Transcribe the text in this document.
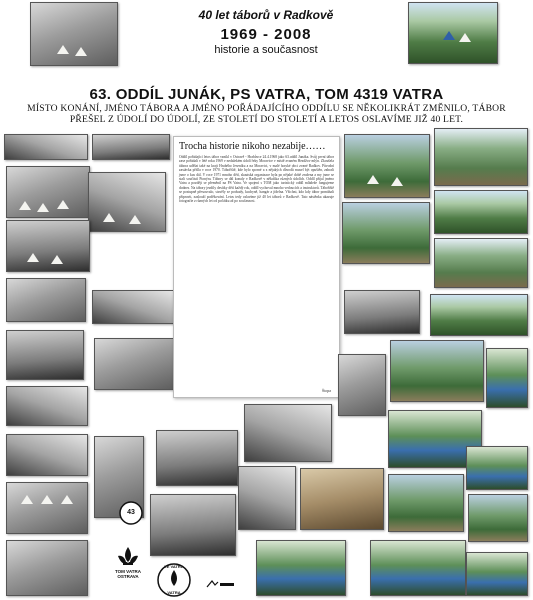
40 let táborů v Radkově
1969 - 2008
historie a současnost
63. ODDÍL JUNÁK, PS VATRA, TOM 4319 VATRA
MÍSTO KONÁNÍ, JMÉNO TÁBORA A JMÉNO POŘÁDAJÍCÍHO ODDÍLU SE NĚKOLIKRÁT ZMĚNILO, TÁBOR PŘEŠEL Z ÚDOLÍ DO ÚDOLÍ, ZE STOLETÍ DO STOLETÍ A LETOS OSLAVÍME JIŽ 40 LET.
Trocha historie nikoho nezabije……
Oddíl pořádající letos tábor vznikl v Ostravě - Hrabůvce 24.4.1968 jako 63.oddíl Junáka. Svůj první tábor zase pořádali v létě roku 1969 v nedalekém údolí řeky Moravice v místě zvaném Hezdžov mlýn. Zkoušela tábora udělat také na kraji Hrubého Jeseníku a na Moravici, v malé horské obci zvané Radkov. Původní zastávka přišla v roce 1970. Tábořiště, kde bylo sporné a z nějakých důvodů musel být opuštěn, zabrali jsme o kus dál. V roce 1971 mnoho dětí, skautská organizace byla po nějaké době zrušena a my jsme se stali součástí Pionýra. Tábory se dál konaly v Radkově v několika různých údolích. Oddíl přijal jméno Vatra a později se přeměnil na PS Vatra. Ve spojení s TOM jako turistický oddíl mládeže fungujeme dodnes. Na tábory jezdily desítky dětí každý rok, oddíl vychoval mnoho vedoucích a instruktorů. Tábořiště se postupně přesouvalo, stavěly se podsady, kuchyně, hangár a jídelna. Všichni, kdo kdy tábor pomáhali připravit, zaslouží poděkování. Letos tedy oslavíme již 40 let táborů v Radkově. Tato nástěnka ukazuje fotografie z různých let od počátku až po současnost.
Štopa
TOM VATRA
OSTRAVA
43
LE VATRA
VATRA
